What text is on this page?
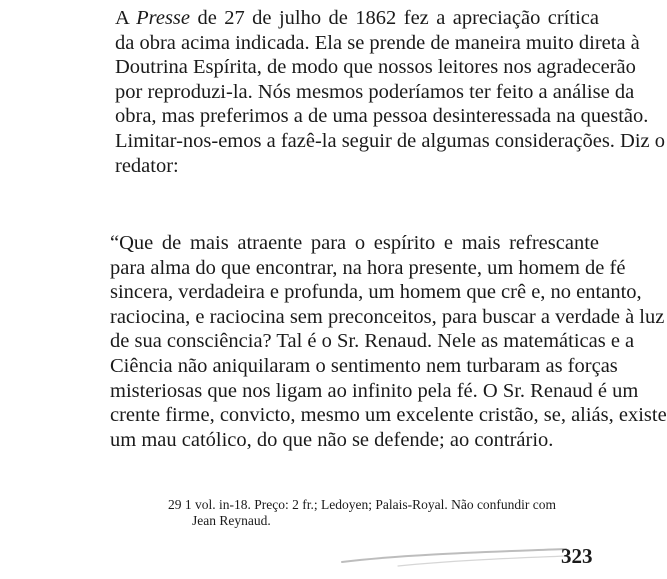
A Presse de 27 de julho de 1862 fez a apreciação crítica
da obra acima indicada. Ela se prende de maneira muito direta à
Doutrina Espírita, de modo que nossos leitores nos agradecerão
por reproduzi-la. Nós mesmos poderíamos ter feito a análise da
obra, mas preferimos a de uma pessoa desinteressada na questão.
Limitar-nos-emos a fazê-la seguir de algumas considerações. Diz o
redator:

“Que de mais atraente para o espírito e mais refrescante
para alma do que encontrar, na hora presente, um homem de fé
sincera, verdadeira e profunda, um homem que crê e, no entanto,
raciocina, e raciocina sem preconceitos, para buscar a verdade à luz
de sua consciência? Tal é o Sr. Renaud. Nele as matemáticas e a
Ciência não aniquilaram o sentimento nem turbaram as forças
misteriosas que nos ligam ao infinito pela fé. O Sr. Renaud é um
crente firme, convicto, mesmo um excelente cristão, se, aliás, existe
um mau católico, do que não se defende; ao contrário.

29 1 vol. in-18. Preço: 2 fr.; Ledoyen; Palais-Royal. Não confundir com
Jean Reynaud.

323
